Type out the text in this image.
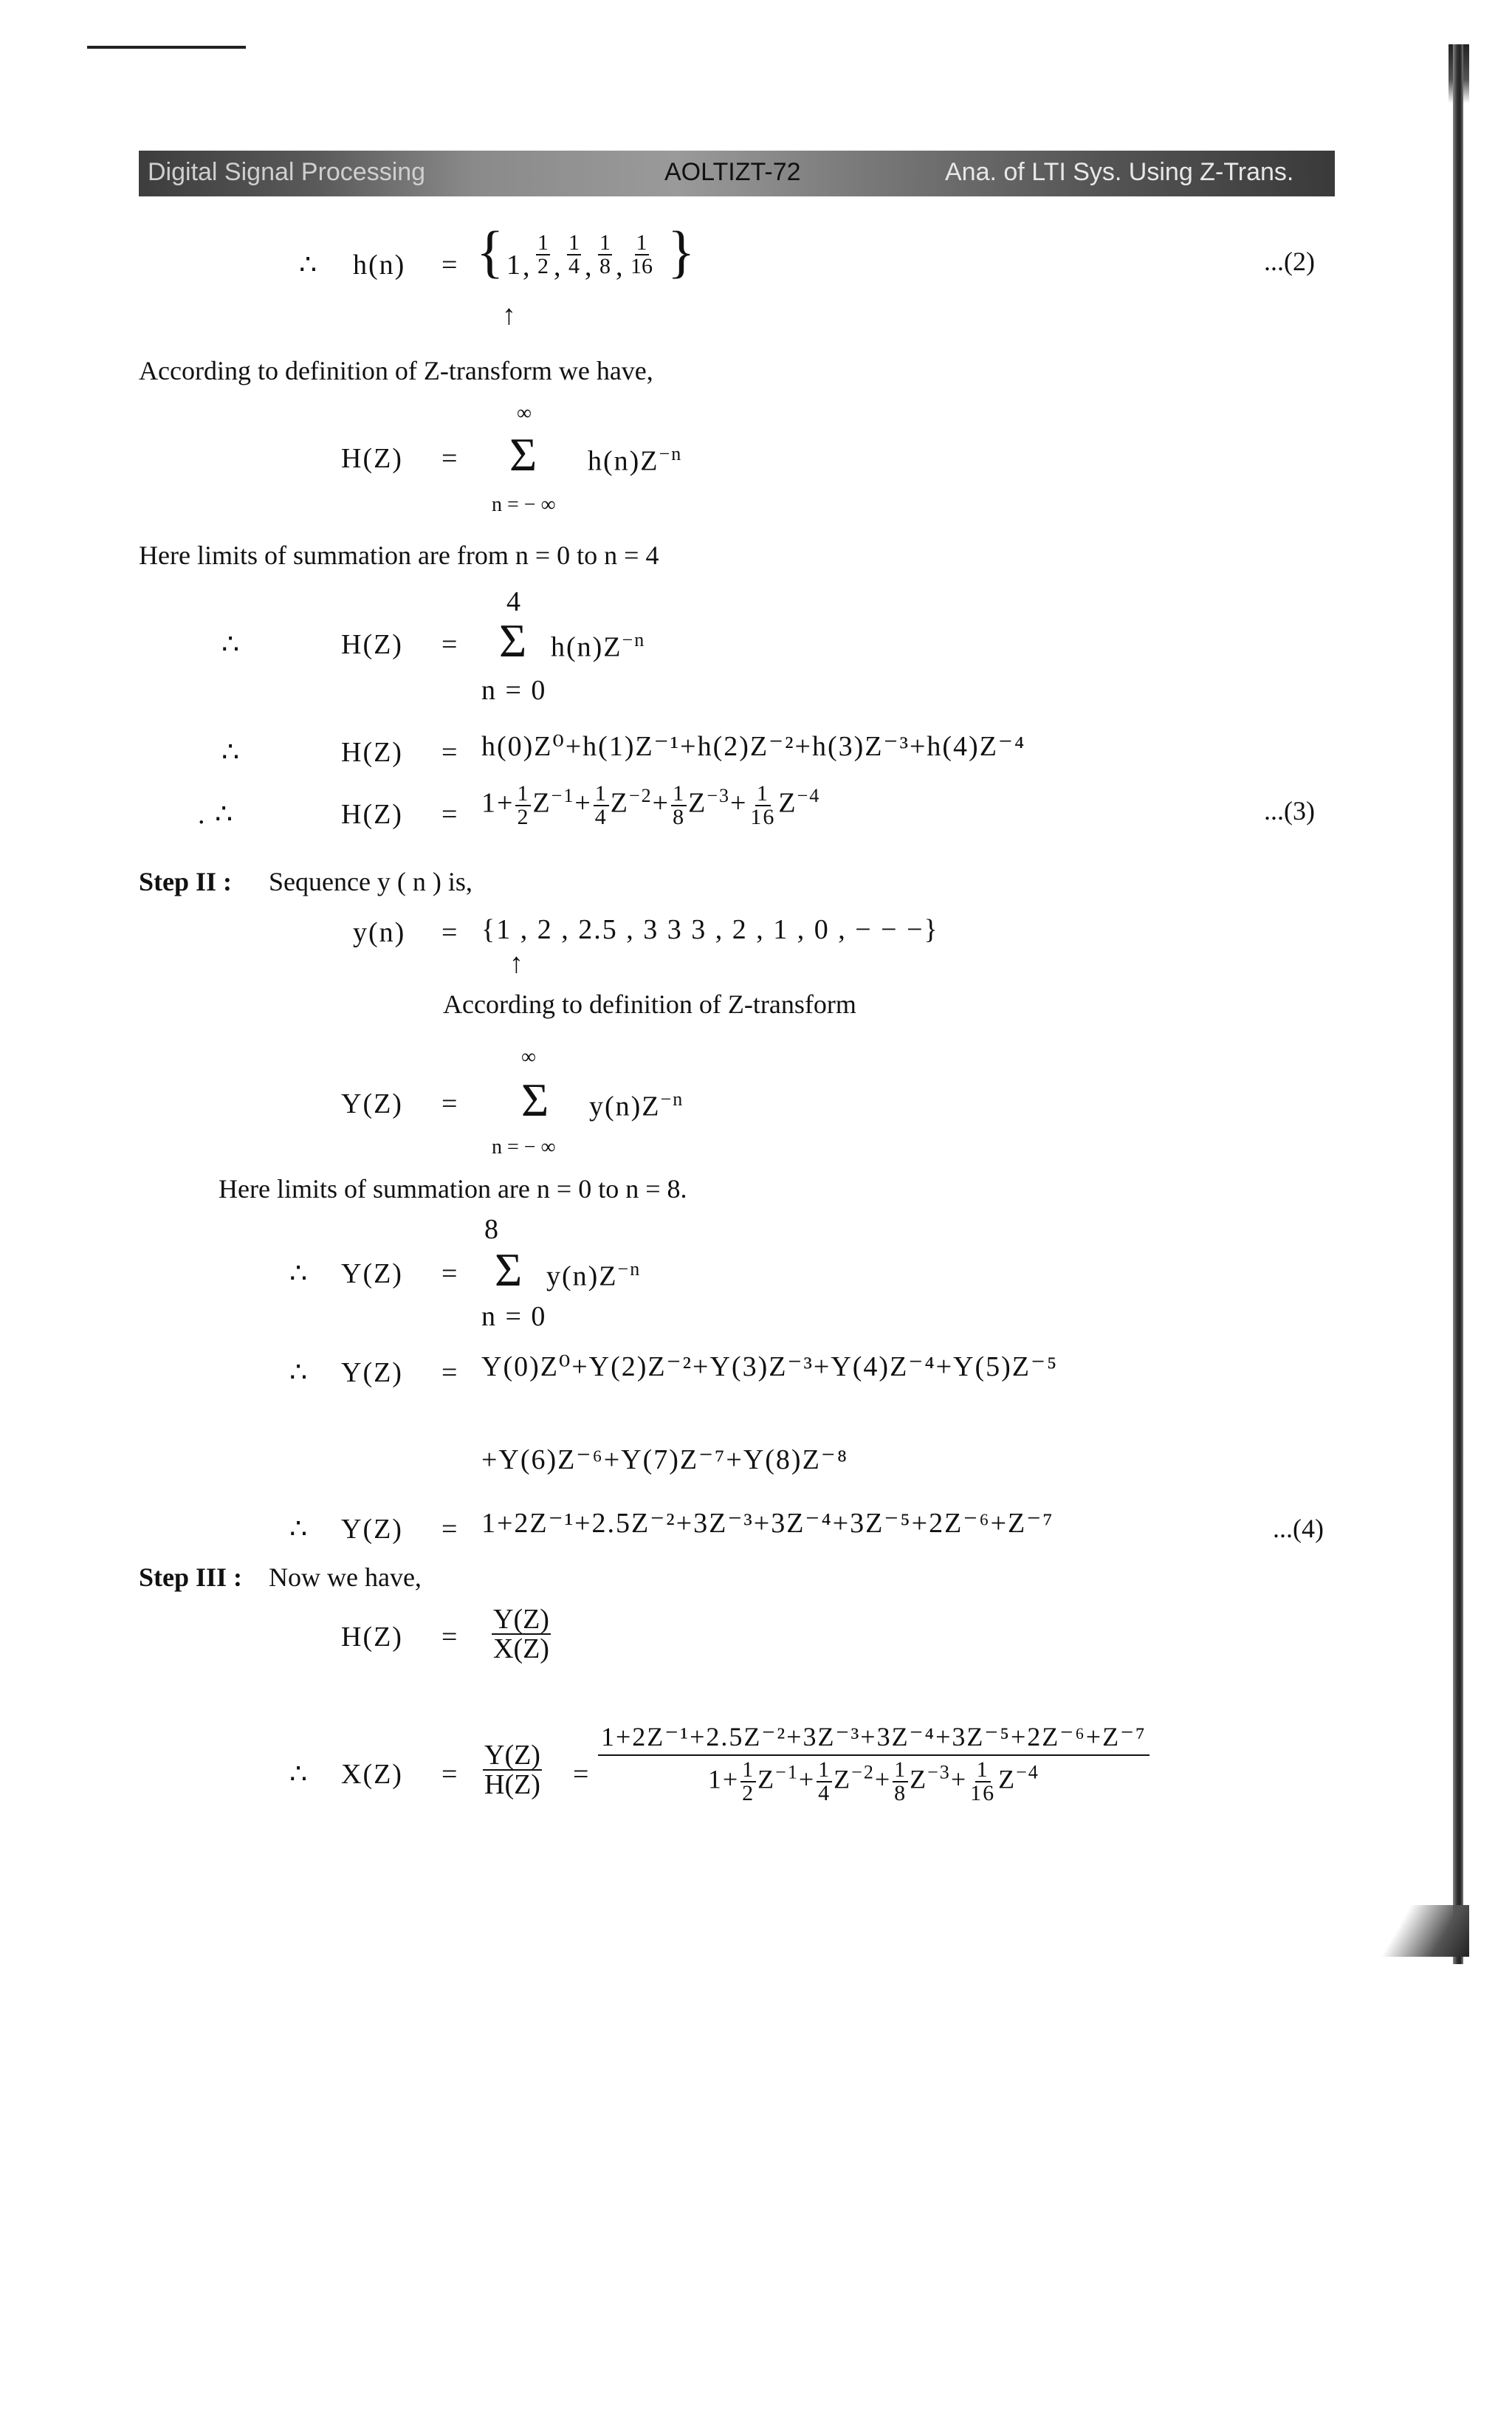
Digital Signal Processing	AOLTIZT-72	Ana. of LTI Sys. Using Z-Trans.
∴ h(n) = { 1 , $\frac{1}{2}$ , $\frac{1}{4}$ , $\frac{1}{8}$ , $\frac{1}{16}$ }
↑
...(2)
According to definition of Z-transform we have,
∞
H(Z) = Σ $h(n)Z^{-n}$
n = − ∞
Here limits of summation are from n = 0 to n = 4
4
∴	H(Z) = Σ $h(n)Z^{-n}$
n = 0
∴	H(Z) = h(0)Z⁰+h(1)Z⁻¹+h(2)Z⁻²+h(3)Z⁻³+h(4)Z⁻⁴
. ∴	$H(Z) = 1+ \frac{1}{2} Z^{-1}+ \frac{1}{4} Z^{-2}+ \frac{1}{8} Z^{-3}+ \frac{1}{16} Z^{-4}$
...(3)
Step II : Sequence y ( n ) is,
y(n) = {1 , 2 , 2.5 , 3 3 3 , 2 , 1 , 0 , − − −}
↑
According to definition of Z-transform
∞
Y(Z) = Σ $y(n)Z^{-n}$
n = − ∞
Here limits of summation are n = 0 to n = 8.
8
∴ Y(Z) = Σ $y(n)Z^{-n}$
n = 0
∴ Y(Z) = Y(0)Z⁰+Y(2)Z⁻²+Y(3)Z⁻³+Y(4)Z⁻⁴+Y(5)Z⁻⁵
+Y(6)Z⁻⁶+Y(7)Z⁻⁷+Y(8)Z⁻⁸
∴ Y(Z) = 1+2Z⁻¹+2.5Z⁻²+3Z⁻³+3Z⁻⁴+3Z⁻⁵+2Z⁻⁶+Z⁻⁷	...(4)
Step III : Now we have,
$H(Z) = \frac{Y(Z)}{X(Z)}$
∴ $X(Z) = \frac{Y(Z)}{H(Z)} = \frac{\text{1+2Z⁻¹+2.5Z⁻²+3Z⁻³+3Z⁻⁴+3Z⁻⁵+2Z⁻⁶+Z⁻⁷}}{1+ \frac{1}{2} Z^{-1}+ \frac{1}{4} Z^{-2}+ \frac{1}{8} Z^{-3}+ \frac{1}{16} Z^{-4}}$
